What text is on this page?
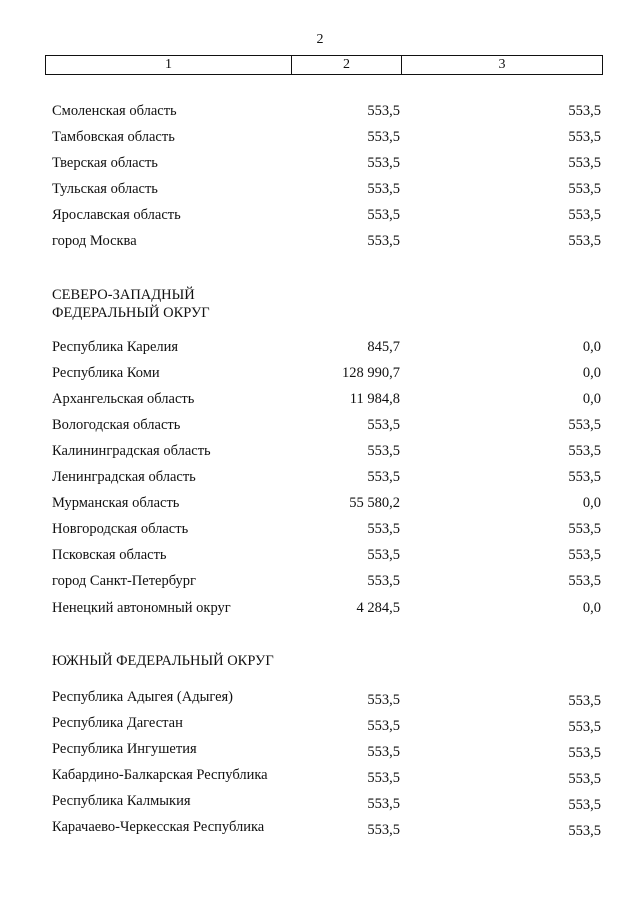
2
1	2	3
Смоленская область	553,5	553,5
Тамбовская область	553,5	553,5
Тверская область	553,5	553,5
Тульская область	553,5	553,5
Ярославская область	553,5	553,5
город Москва	553,5	553,5
СЕВЕРО-ЗАПАДНЫЙ
ФЕДЕРАЛЬНЫЙ ОКРУГ
Республика Карелия	845,7	0,0
Республика Коми	128 990,7	0,0
Архангельская область	11 984,8	0,0
Вологодская область	553,5	553,5
Калининградская область	553,5	553,5
Ленинградская область	553,5	553,5
Мурманская область	55 580,2	0,0
Новгородская область	553,5	553,5
Псковская область	553,5	553,5
город Санкт-Петербург	553,5	553,5
Ненецкий автономный округ	4 284,5	0,0
ЮЖНЫЙ ФЕДЕРАЛЬНЫЙ ОКРУГ
Республика Адыгея (Адыгея)	553,5	553,5
Республика Дагестан	553,5	553,5
Республика Ингушетия	553,5	553,5
Кабардино-Балкарская Республика	553,5	553,5
Республика Калмыкия	553,5	553,5
Карачаево-Черкесская Республика	553,5	553,5
